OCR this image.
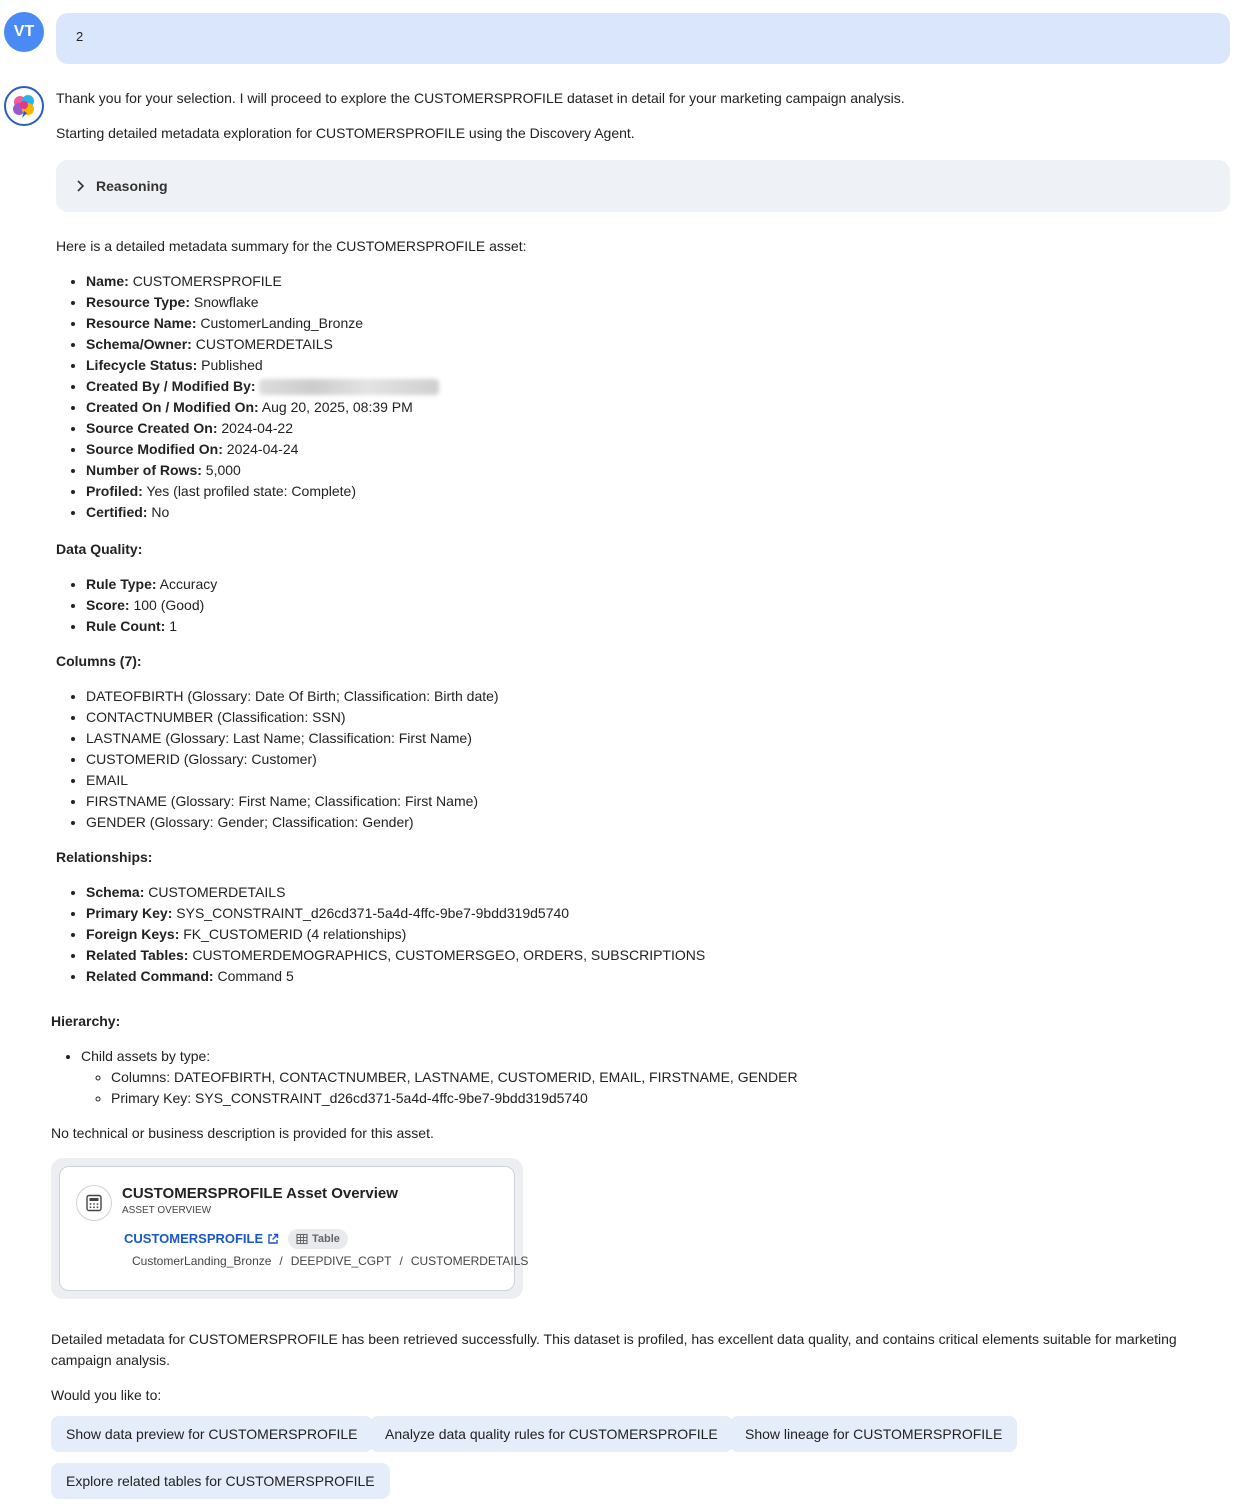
VT	2
Thank you for your selection. I will proceed to explore the CUSTOMERSPROFILE dataset in detail for your marketing campaign analysis.
Starting detailed metadata exploration for CUSTOMERSPROFILE using the Discovery Agent.
Reasoning
Here is a detailed metadata summary for the CUSTOMERSPROFILE asset:
• Name: CUSTOMERSPROFILE
• Resource Type: Snowflake
• Resource Name: CustomerLanding_Bronze
• Schema/Owner: CUSTOMERDETAILS
• Lifecycle Status: Published
• Created By / Modified By:
• Created On / Modified On: Aug 20, 2025, 08:39 PM
• Source Created On: 2024-04-22
• Source Modified On: 2024-04-24
• Number of Rows: 5,000
• Profiled: Yes (last profiled state: Complete)
• Certified: No
Data Quality:
• Rule Type: Accuracy
• Score: 100 (Good)
• Rule Count: 1
Columns (7):
• DATEOFBIRTH (Glossary: Date Of Birth; Classification: Birth date)
• CONTACTNUMBER (Classification: SSN)
• LASTNAME (Glossary: Last Name; Classification: First Name)
• CUSTOMERID (Glossary: Customer)
• EMAIL
• FIRSTNAME (Glossary: First Name; Classification: First Name)
• GENDER (Glossary: Gender; Classification: Gender)
Relationships:
• Schema: CUSTOMERDETAILS
• Primary Key: SYS_CONSTRAINT_d26cd371-5a4d-4ffc-9be7-9bdd319d5740
• Foreign Keys: FK_CUSTOMERID (4 relationships)
• Related Tables: CUSTOMERDEMOGRAPHICS, CUSTOMERSGEO, ORDERS, SUBSCRIPTIONS
• Related Command: Command 5
Hierarchy:
• Child assets by type:
◦ Columns: DATEOFBIRTH, CONTACTNUMBER, LASTNAME, CUSTOMERID, EMAIL, FIRSTNAME, GENDER
◦ Primary Key: SYS_CONSTRAINT_d26cd371-5a4d-4ffc-9be7-9bdd319d5740
No technical or business description is provided for this asset.
CUSTOMERSPROFILE Asset Overview
ASSET OVERVIEW
CUSTOMERSPROFILE	Table
CustomerLanding_Bronze / DEEPDIVE_CGPT / CUSTOMERDETAILS
Detailed metadata for CUSTOMERSPROFILE has been retrieved successfully. This dataset is profiled, has excellent data quality, and contains critical elements suitable for marketing campaign analysis.
Would you like to:
Show data preview for CUSTOMERSPROFILE	Analyze data quality rules for CUSTOMERSPROFILE	Show lineage for CUSTOMERSPROFILE
Explore related tables for CUSTOMERSPROFILE
